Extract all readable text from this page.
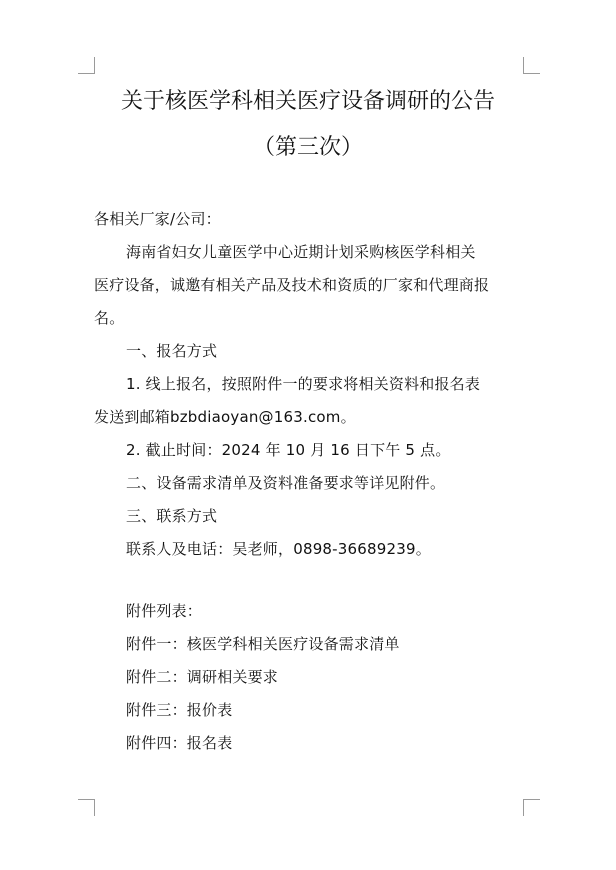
关于核医学科相关医疗设备调研的公告
（第三次）
各相关厂家/公司：
海南省妇女儿童医学中心近期计划采购核医学科相关
医疗设备，诚邀有相关产品及技术和资质的厂家和代理商报
名。
一、报名方式
1. 线上报名，按照附件一的要求将相关资料和报名表
发送到邮箱bzbdiaoyan@163.com。
2. 截止时间：2024 年 10 月 16 日下午 5 点。
二、设备需求清单及资料准备要求等详见附件。
三、联系方式
联系人及电话：吴老师，0898-36689239。
附件列表：
附件一：核医学科相关医疗设备需求清单
附件二：调研相关要求
附件三：报价表
附件四：报名表
